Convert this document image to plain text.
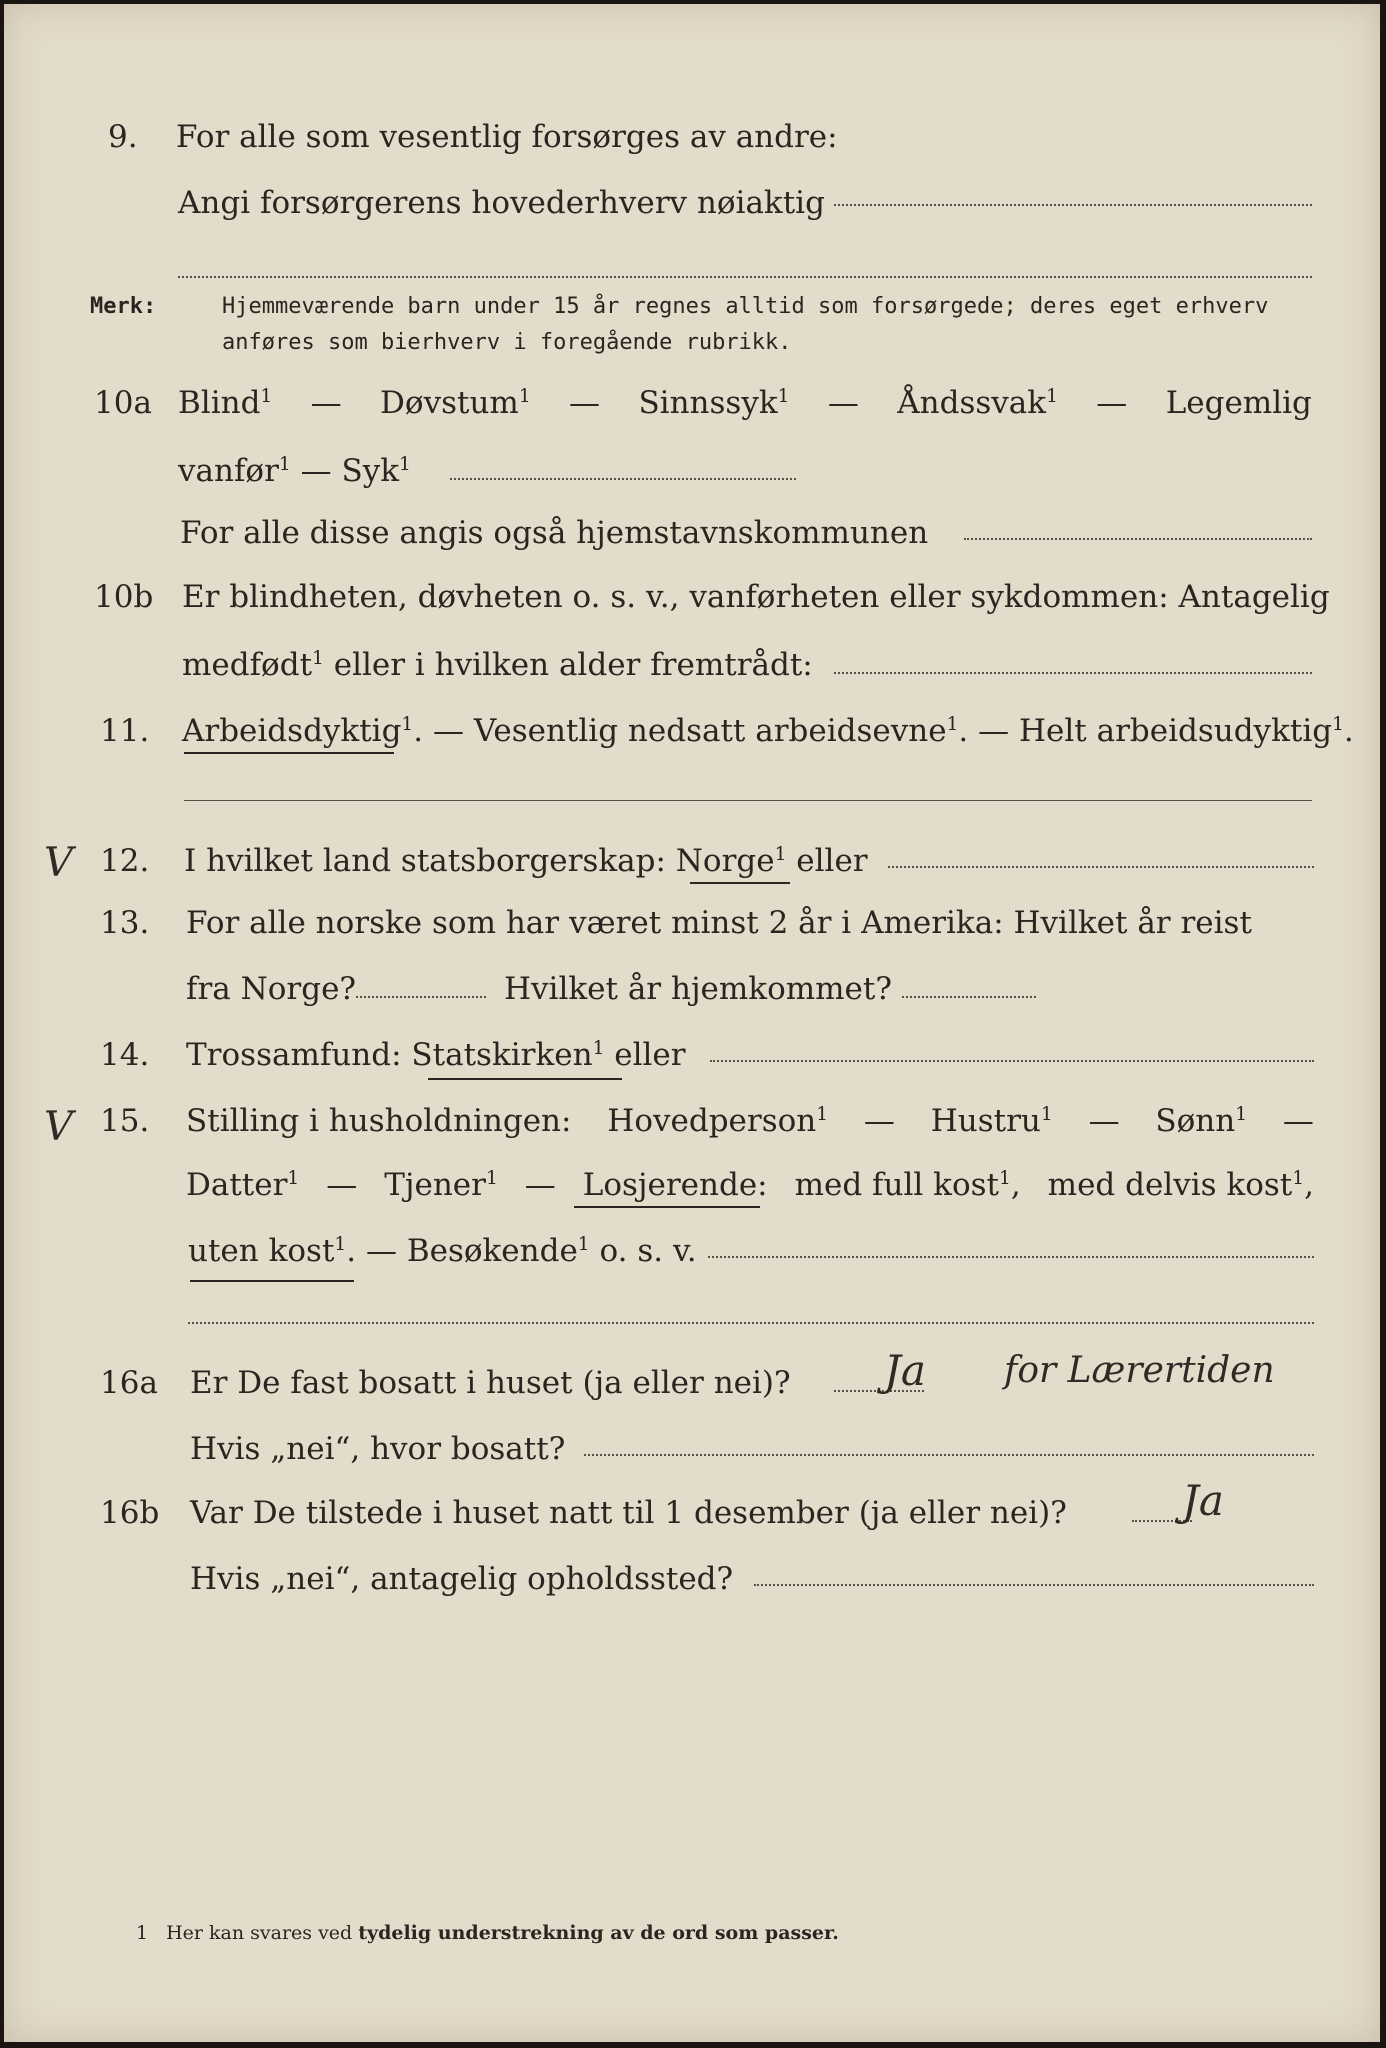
9. For alle som vesentlig forsørges av andre:
Angi forsørgerens hovederhverv nøiaktig
Merk:	Hjemmeværende barn under 15 år regnes alltid som forsørgede; deres eget erhverv
anføres som bierhverv i foregående rubrikk.
10a Blind$^1$ — Døvstum$^1$ — Sinnssyk$^1$ — Åndssvak$^1$ — Legemlig
vanfør$^1$ — Syk$^1$
For alle disse angis også hjemstavnskommunen
10b Er blindheten, døvheten o. s. v., vanførheten eller sykdommen: Antagelig
medfødt$^1$ eller i hvilken alder fremtrådt:
11. Arbeidsdyktig$^1$. — Vesentlig nedsatt arbeidsevne$^1$. — Helt arbeidsudyktig$^1$.
V 12. I hvilket land statsborgerskap: Norge$^1$ eller
13. For alle norske som har været minst 2 år i Amerika: Hvilket år reist
fra Norge?	Hvilket år hjemkommet?
14. Trossamfund: Statskirken$^1$ eller
V 15. Stilling i husholdningen: Hovedperson$^1$ — Hustru$^1$ — Sønn$^1$ —
Datter$^1$ — Tjener$^1$ — Losjerende: med full kost$^1$, med delvis kost$^1$,
uten kost$^1$. — Besøkende$^1$ o. s. v.
16a Er De fast bosatt i huset (ja eller nei)? Ja for Lærertiden
Hvis „nei“, hvor bosatt?
16b Var De tilstede i huset natt til 1 desember (ja eller nei)?	Ja
Hvis „nei“, antagelig opholdssted?
1 Her kan svares ved tydelig understrekning av de ord som passer.
